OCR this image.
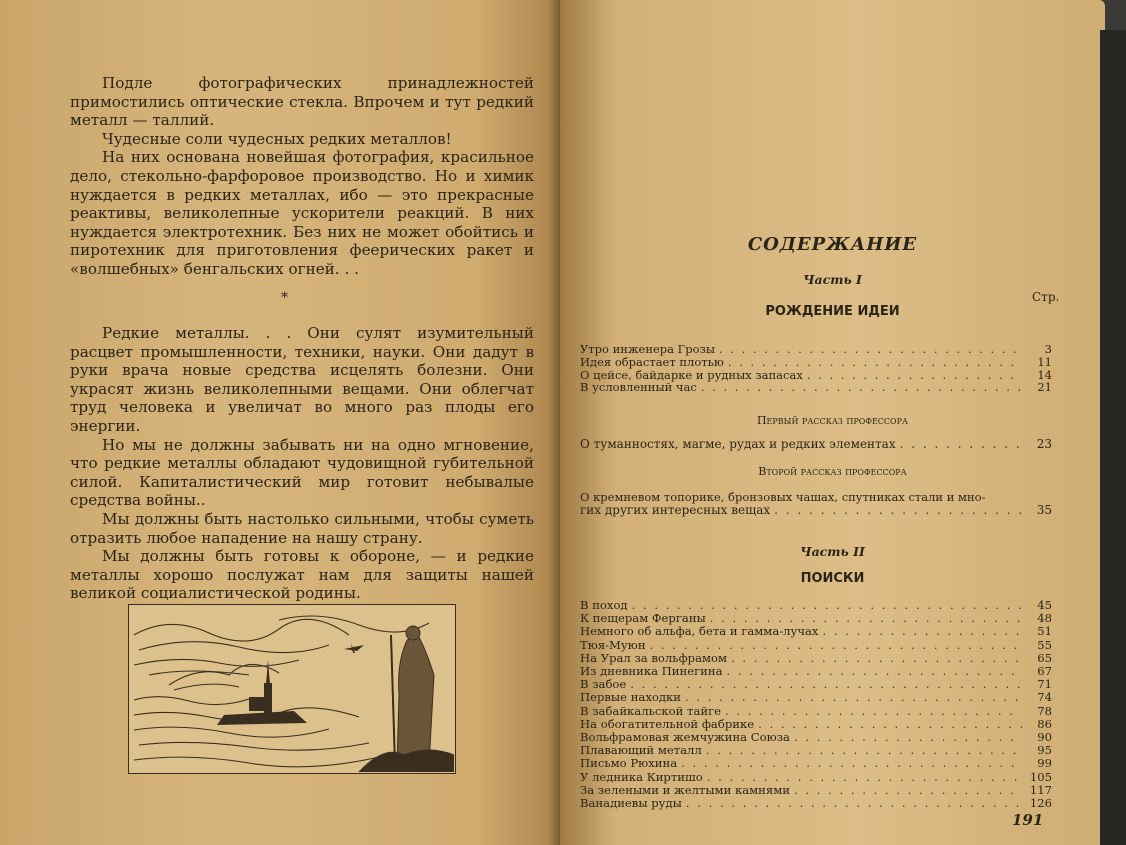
Подле фотографических принадлежностей примостились оптические стекла. Впрочем и тут редкий металл — таллий.

Чудесные соли чудесных редких металлов!

На них основана новейшая фотография, красильное дело, стекольно-фарфоровое производство. Но и химик нуждается в редких металлах, ибо — это прекрасные реактивы, великолепные ускорители реакций. В них нуждается электротехник. Без них не может обойтись и пиротехник для приготовления феерических ракет и «волшебных» бенгальских огней. . .

*

Редкие металлы. . . Они сулят изумительный расцвет промышленности, техники, науки. Они дадут в руки врача новые средства исцелять болезни. Они украсят жизнь великолепными вещами. Они облегчат труд человека и увеличат во много раз плоды его энергии.

Но мы не должны забывать ни на одно мгновение, что редкие металлы обладают чудовищной губительной силой. Капиталистический мир готовит небывалые средства войны..

Мы должны быть настолько сильными, чтобы суметь отразить любое нападение на нашу страну.

Мы должны быть готовы к обороне, — и редкие металлы хорошо послужат нам для защиты нашей великой социалистической родины.

СОДЕРЖАНИЕ
Часть I
Стр.
РОЖДЕНИЕ ИДЕИ
Утро инженера Грозы . . .	3
Идея обрастает плотью . . .	11
О цейсе, байдарке и рудных запасах . . .	14
В условленный час . . .	21
Первый рассказ профессора
О туманностях, магме, рудах и редких элементах . . .	23
Второй рассказ профессора
О кремневом топорике, бронзовых чашах, спутниках стали и мно-
гих других интересных вещах . . .	35
Часть II
ПОИСКИ
В поход . . .	45
К пещерам Ферганы . . .	48
Немного об альфа, бета и гамма-лучах . . .	51
Тюя-Муюн . . .	55
На Урал за вольфрамом . . .	65
Из дневника Пинегина . . .	67
В забое . . .	71
Первые находки . . .	74
В забайкальской тайге . . .	78
На обогатительной фабрике . . .	86
Вольфрамовая жемчужина Союза . . .	90
Плавающий металл . . .	95
Письмо Рюхина . . .	99
У ледника Киртишо . . .	105
За зелеными и желтыми камнями . . .	117
Ванадиевы руды . . .	126
191
